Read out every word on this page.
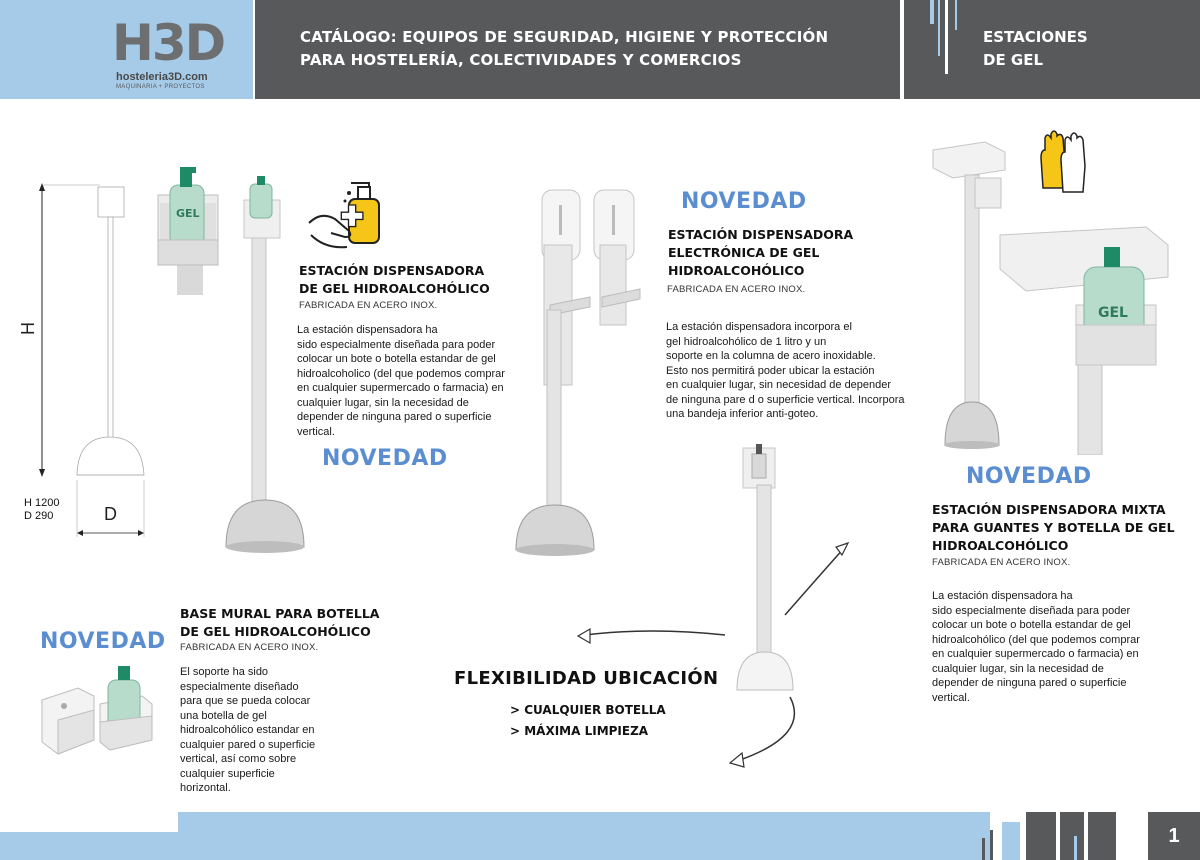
H3D
hosteleria3D.com
MAQUINARIA + PROYECTOS
CATÁLOGO: EQUIPOS DE SEGURIDAD, HIGIENE Y PROTECCIÓN
PARA HOSTELERÍA, COLECTIVIDADES Y COMERCIOS
ESTACIONES
DE GEL
H
D
H 1200
D 290
GEL
GEL
ESTACIÓN DISPENSADORA
DE GEL HIDROALCOHÓLICO
FABRICADA EN ACERO INOX.
La estación dispensadora ha
sido especialmente diseñada para poder
colocar un bote o botella estandar de gel
hidroalcoholico (del que podemos comprar
en cualquier supermercado o farmacia) en
cualquier lugar, sin la necesidad de
depender de ninguna pared o superficie
vertical.
NOVEDAD
NOVEDAD
ESTACIÓN DISPENSADORA
ELECTRÓNICA DE GEL
HIDROALCOHÓLICO
FABRICADA EN ACERO INOX.
La estación dispensadora incorpora el
gel hidroalcohólico de 1 litro y un
soporte en la columna de acero inoxidable.
Esto nos permitirá poder ubicar la estación
en cualquier lugar, sin necesidad de depender
de ninguna pare d o superficie vertical. Incorpora
una bandeja inferior anti-goteo.
NOVEDAD
ESTACIÓN DISPENSADORA MIXTA
PARA GUANTES Y BOTELLA DE GEL
HIDROALCOHÓLICO
FABRICADA EN ACERO INOX.
La estación dispensadora ha
sido especialmente diseñada para poder
colocar un bote o botella estandar de gel
hidroalcohólico (del que podemos comprar
en cualquier supermercado o farmacia) en
cualquier lugar, sin la necesidad de
depender de ninguna pared o superficie
vertical.
NOVEDAD
BASE MURAL PARA BOTELLA
DE GEL HIDROALCOHÓLICO
FABRICADA EN ACERO INOX.
El soporte ha sido
especialmente diseñado
para que se pueda colocar
una botella de gel
hidroalcohólico estandar en
cualquier pared o superficie
vertical, así como sobre
cualquier superficie
horizontal.
FLEXIBILIDAD UBICACIÓN
> CUALQUIER BOTELLA
> MÁXIMA LIMPIEZA
1
